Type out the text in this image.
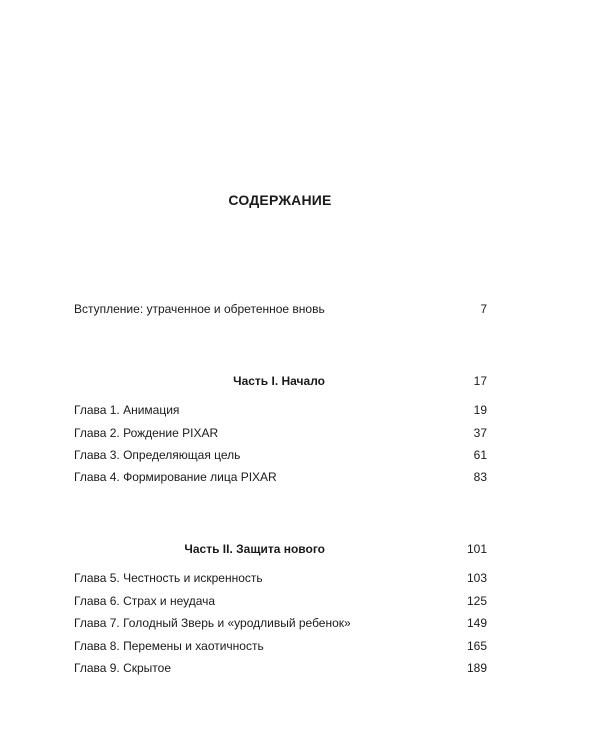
СОДЕРЖАНИЕ
Вступление: утраченное и обретенное вновь	7
Часть I. Начало	17
Глава 1. Анимация	19
Глава 2. Рождение PIXAR	37
Глава 3. Определяющая цель	61
Глава 4. Формирование лица PIXAR	83
Часть II. Защита нового	101
Глава 5. Честность и искренность	103
Глава 6. Страх и неудача	125
Глава 7. Голодный Зверь и «уродливый ребенок»	149
Глава 8. Перемены и хаотичность	165
Глава 9. Скрытое	189
